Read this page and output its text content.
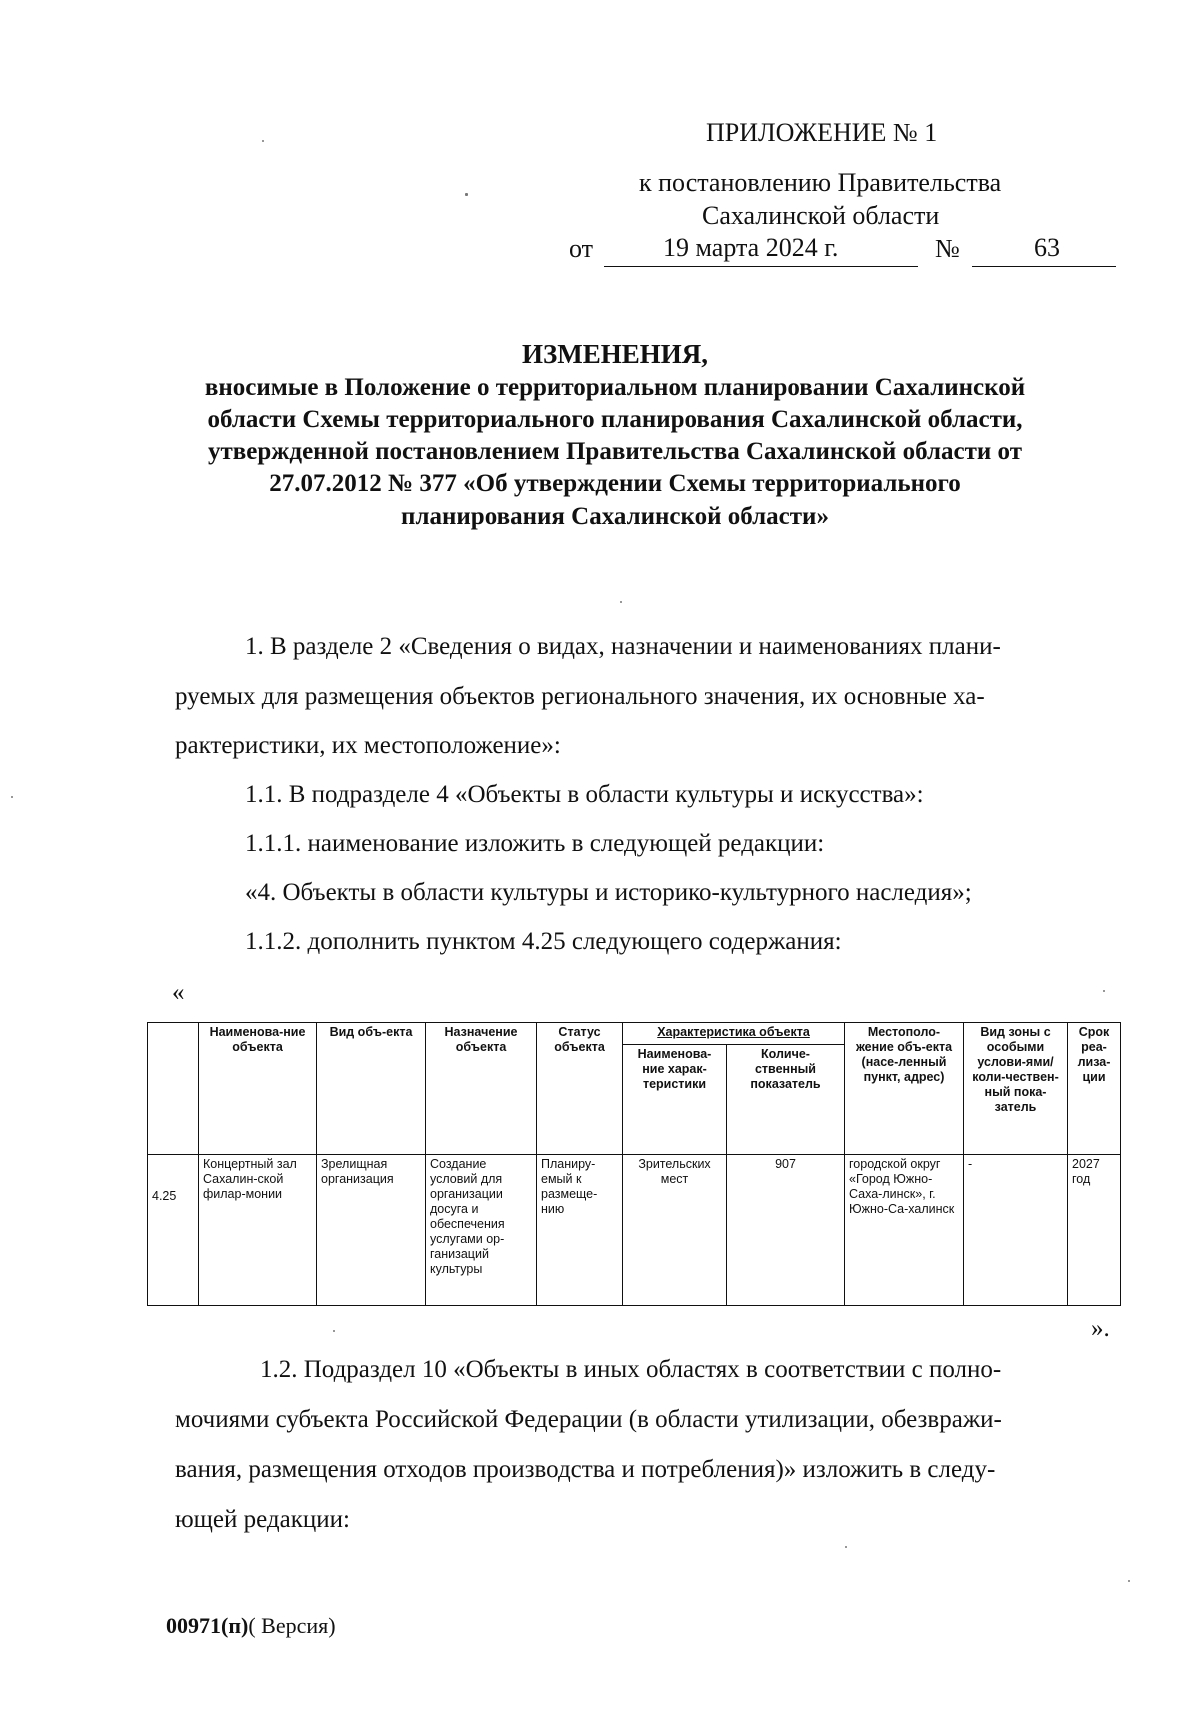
ПРИЛОЖЕНИЕ № 1
к постановлению Правительства
Сахалинской области
от	19 марта 2024 г.	№	63
ИЗМЕНЕНИЯ,
вносимые в Положение о территориальном планировании Сахалинской
области Схемы территориального планирования Сахалинской области,
утвержденной постановлением Правительства Сахалинской области от
27.07.2012 № 377 «Об утверждении Схемы территориального
планирования Сахалинской области»
1. В разделе 2 «Сведения о видах, назначении и наименованиях плани-
руемых для размещения объектов регионального значения, их основные ха-
рактеристики, их местоположение»:
1.1. В подразделе 4 «Объекты в области культуры и искусства»:
1.1.1. наименование изложить в следующей редакции:
«4. Объекты в области культуры и историко-культурного наследия»;
1.1.2. дополнить пунктом 4.25 следующего содержания:
«
	Наименова-ние объекта	Вид объ-екта	Назначение объекта	Статус объекта	Характеристика объекта		Местополо-жение объ-екта (насе-ленный пункт, адрес)	Вид зоны с особыми услови-ями/ коли-чествен-ный пока-затель	Срок реа-лиза-ции
					Наименова-ние харак-теристики	Количе-ственный показатель			
4.25	Концертный зал Сахалин-ской филар-монии	Зрелищная организация	Создание условий для организации досуга и обеспечения услугами ор-ганизаций культуры	Планиру-емый к размеще-нию	Зрительских мест	907	городской округ «Город Южно-Саха-линск», г. Южно-Са-халинск	-	2027 год
».
1.2. Подраздел 10 «Объекты в иных областях в соответствии с полно-
мочиями субъекта Российской Федерации (в области утилизации, обезвражи-
вания, размещения отходов производства и потребления)» изложить в следу-
ющей редакции:
00971(п)( Версия)
